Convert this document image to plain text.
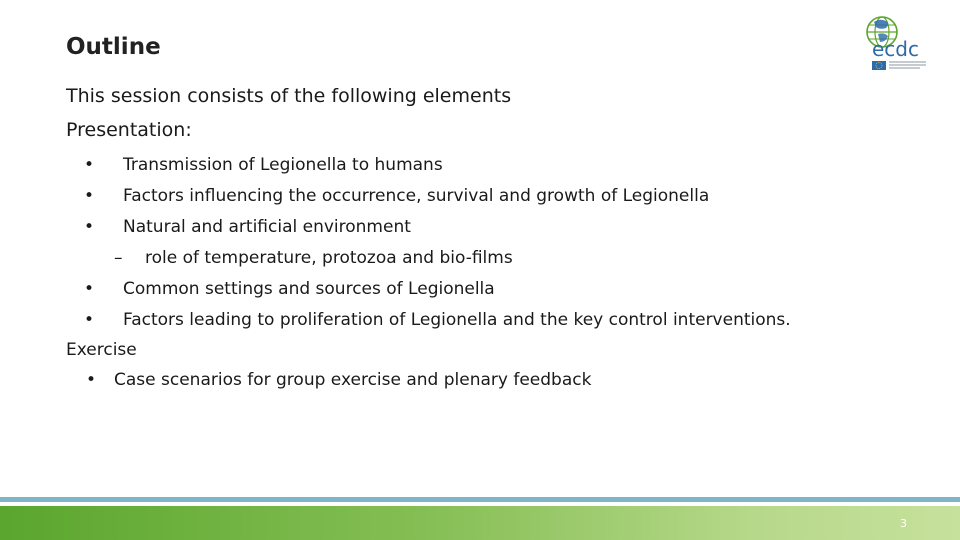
Outline	ecdc
This session consists of the following elements
Presentation:
•	Transmission of Legionella to humans
•	Factors influencing the occurrence, survival and growth of Legionella
•	Natural and artificial environment
– role of temperature, protozoa and bio-films
•	Common settings and sources of Legionella
•	Factors leading to proliferation of Legionella and the key control interventions.
Exercise
• Case scenarios for group exercise and plenary feedback
3
